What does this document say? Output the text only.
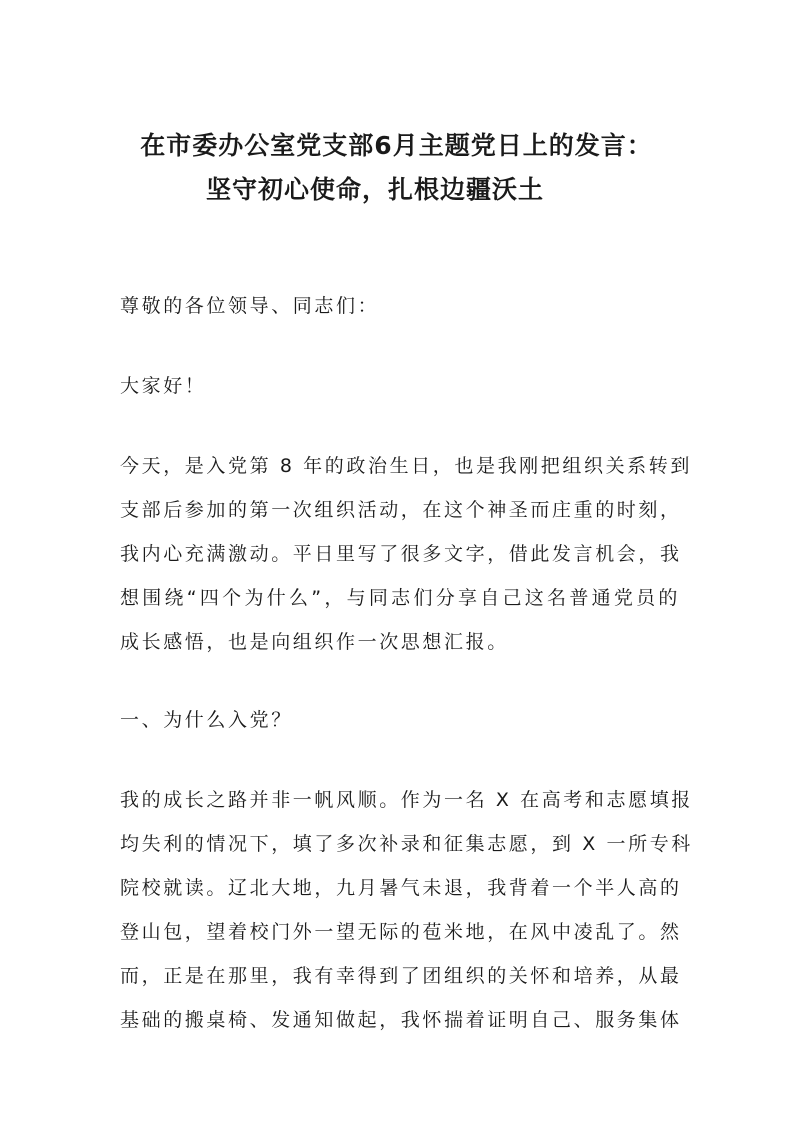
在市委办公室党支部6月主题党日上的发言：
坚守初心使命，扎根边疆沃土
尊敬的各位领导、同志们：
大家好！
今天，是入党第 8 年的政治生日，也是我刚把组织关系转到
支部后参加的第一次组织活动，在这个神圣而庄重的时刻，
我内心充满激动。平日里写了很多文字，借此发言机会，我
想围绕“四个为什么”，与同志们分享自己这名普通党员的
成长感悟，也是向组织作一次思想汇报。
一、为什么入党？
我的成长之路并非一帆风顺。作为一名 X 在高考和志愿填报
均失利的情况下，填了多次补录和征集志愿，到 X 一所专科
院校就读。辽北大地，九月暑气未退，我背着一个半人高的
登山包，望着校门外一望无际的苞米地，在风中凌乱了。然
而，正是在那里，我有幸得到了团组织的关怀和培养，从最
基础的搬桌椅、发通知做起，我怀揣着证明自己、服务集体
